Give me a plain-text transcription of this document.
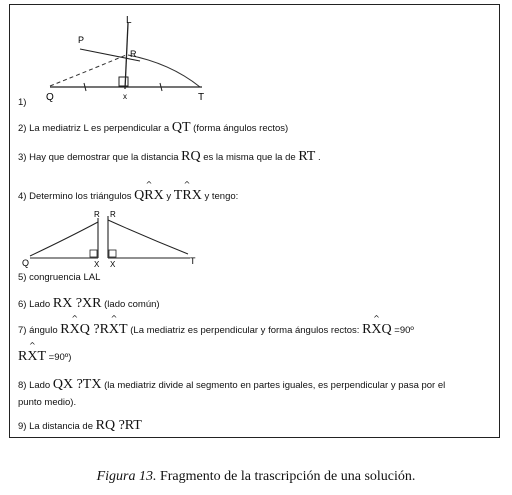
L
P
R
Q	T
x
1)
2) La mediatriz L es perpendicular a QT (forma ángulos rectos)
3) Hay que demostrar que la distancia RQ es la misma que la de RT .
4) Determino los triángulos Q^ RX y T^ RX y tengo:
R R
Q	T
X X
5) congruencia LAL
6) Lado RX ?XR (lado común)
7) ángulo R^ XQ ?R^ XT (La mediatriz es perpendicular y forma ángulos rectos: R^ XQ =90º
R^ XT =90º)
8) Lado QX ?TX (la mediatriz divide al segmento en partes iguales, es perpendicular y pasa por el
punto medio).
9) La distancia de RQ ?RT
Figura 13. Fragmento de la trascripción de una solución.
